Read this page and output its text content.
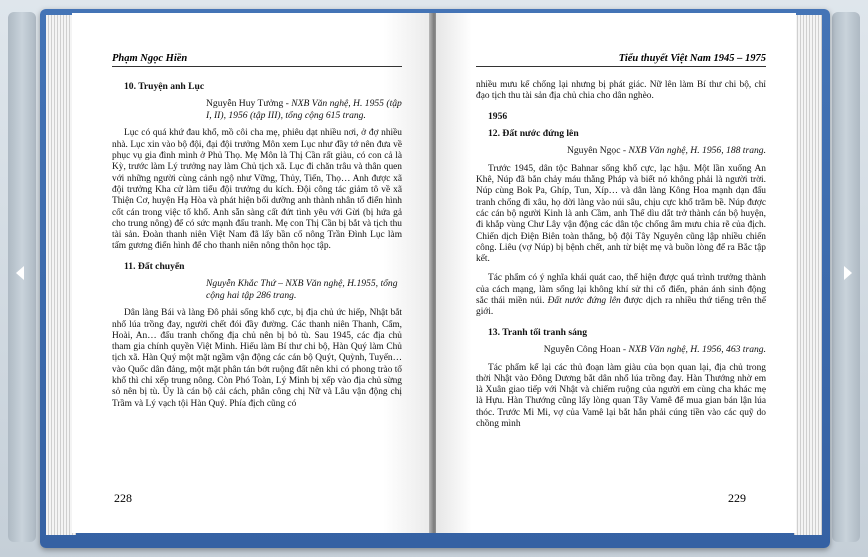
Phạm Ngọc Hiền
10. Truyện anh Lục
Nguyễn Huy Tưởng - NXB Văn nghệ, H. 1955 (tập I, II), 1956 (tập III), tổng cộng 615 trang.

Lục có quá khứ đau khổ, mồ côi cha mẹ, phiêu dạt nhiều nơi, ở đợ nhiều nhà. Lục xin vào bộ đội, đại đội trưởng Môn xem Lục như đầy tớ nên đưa về phục vụ gia đình mình ở Phủ Thọ. Mẹ Môn là Thị Cần rất giàu, có con cả là Kỳ, trước làm Lý trưởng nay làm Chủ tịch xã. Lục đi chăn trâu và thân quen với những người cùng cảnh ngộ như Vững, Thủy, Tiến, Thọ… Anh được xã đội trưởng Kha cử làm tiểu đội trưởng du kích. Đội công tác giảm tô về xã Thiện Cơ, huyện Hạ Hòa và phát hiện bối dưỡng anh thành nhân tố điển hình cốt cán trong việc tố khổ. Anh sẵn sàng cất đứt tình yêu với Gừi (bị hứa gả cho trung nông) để có sức mạnh đấu tranh. Mẹ con Thị Cần bị bắt và tịch thu tài sản. Đoàn thanh niên Việt Nam đã lấy bần cố nông Trần Đình Lục làm tấm gương điển hình để cho thanh niên nông thôn học tập.

11. Đất chuyển
Nguyễn Khắc Thứ – NXB Văn nghệ, H.1955, tổng cộng hai tập 286 trang.

Dân làng Bái và làng Đô phải sống khổ cực, bị địa chủ ức hiếp, Nhật bắt nhổ lúa trồng đay, người chết đói đầy đường. Các thanh niên Thanh, Cẩm, Hoài, An… đấu tranh chống địa chủ nên bị bỏ tù. Sau 1945, các địa chủ tham gia chính quyền Việt Minh. Hiếu làm Bí thư chi bộ, Hàn Quý làm Chủ tịch xã. Hàn Quý một mặt ngầm vận động các cán bộ Quýt, Quỳnh, Tuyến…vào Quốc dân đảng, một mặt phân tán bớt ruộng đất nên khi có phong trào tố khổ thì chỉ xếp trung nông. Còn Phó Toàn, Lý Minh bị xếp vào địa chủ sừng sỏ nên bị tù. Ủy là cán bộ cải cách, phân công chị Nữ và Lâu vận động chị Trầm và Lý vạch tội Hàn Quý. Phía địch cũng có

228
Tiểu thuyết Việt Nam 1945 – 1975

nhiều mưu kế chống lại nhưng bị phát giác. Nữ lên làm Bí thư chi bộ, chỉ đạo tịch thu tài sản địa chủ chia cho dân nghèo.

1956
12. Đất nước đứng lên
Nguyên Ngọc - NXB Văn nghệ, H. 1956, 188 trang.

Trước 1945, dân tộc Bahnar sống khổ cực, lạc hậu. Một lần xuống An Khê, Núp đã bắn chảy máu thằng Pháp và biết nó không phải là người trời. Núp cùng Bok Pa, Ghíp, Tun, Xíp… và dân làng Kông Hoa mạnh dạn đấu tranh chống đi xâu, họ dời làng vào núi sâu, chịu cực khổ trăm bề. Núp được các cán bộ người Kinh là anh Cầm, anh Thế dìu dắt trở thành cán bộ huyện, đi khắp vùng Chư Lây vận động các dân tộc chống âm mưu chia rẽ của địch. Chiến dịch Điện Biên toàn thắng, bộ đội Tây Nguyên cũng lập nhiều chiến công. Liêu (vợ Núp) bị bệnh chết, anh từ biệt mẹ và buồn lòng để ra Bắc tập kết.

Tác phẩm có ý nghĩa khái quát cao, thể hiện được quá trình trưởng thành của cách mạng, làm sống lại không khí sử thi cổ điển, phản ánh sinh động sắc thái miền núi. Đất nước đứng lên được dịch ra nhiều thứ tiếng trên thế giới.

13. Tranh tối tranh sáng
Nguyễn Công Hoan - NXB Văn nghệ, H. 1956, 463 trang.

Tác phẩm kể lại các thủ đoạn làm giàu của bọn quan lại, địa chủ trong thời Nhật vào Đông Dương bắt dân nhổ lúa trồng đay. Hàn Thướng nhờ em là Xuân giao tiếp với Nhật và chiếm ruộng của người em cùng cha khác mẹ là Hựu. Hàn Thướng cũng lấy lòng quan Tây Vamê để mua gian bán lận lúa thóc. Trước Mi Mi, vợ của Vamê lại bắt hắn phải cúng tiền vào các quỹ do chồng mình

229
